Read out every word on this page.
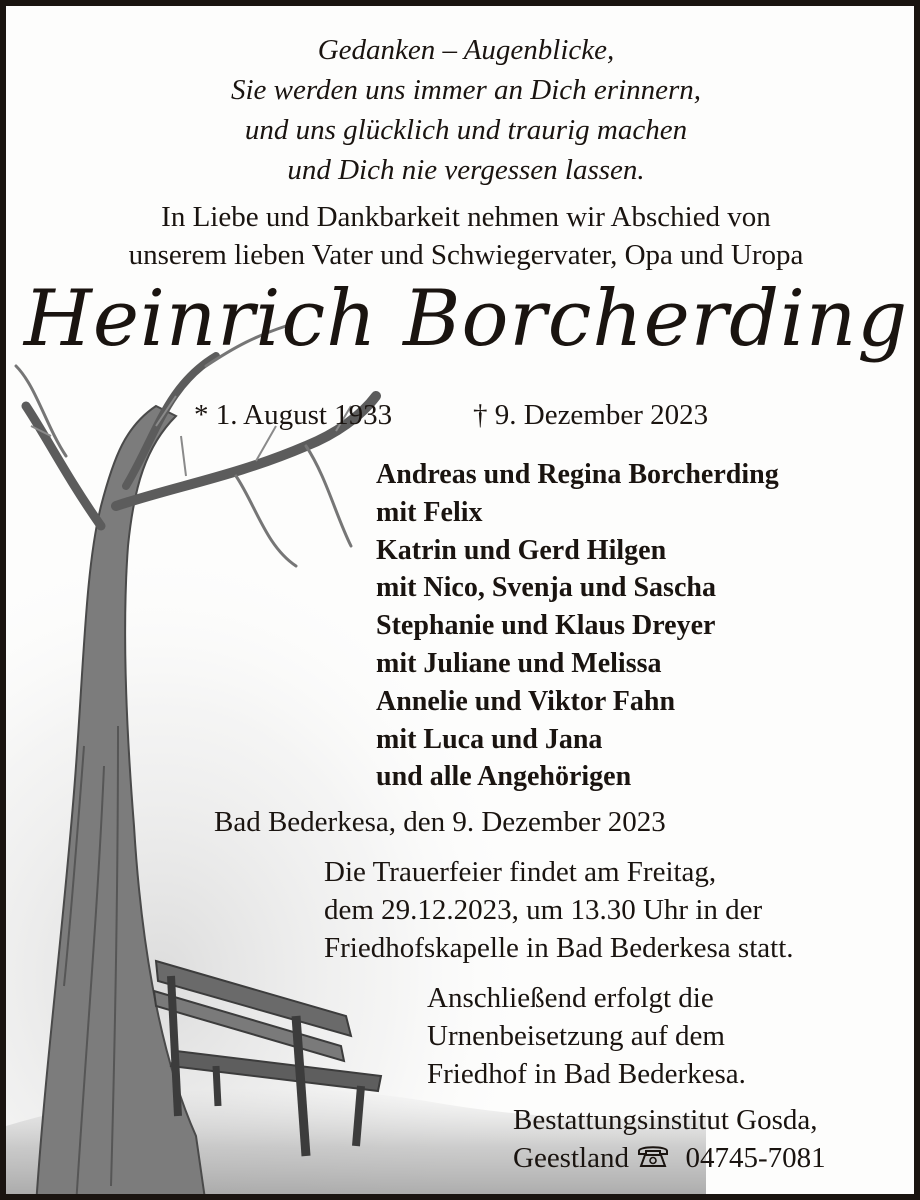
Gedanken – Augenblicke,
Sie werden uns immer an Dich erinnern,
und uns glücklich und traurig machen
und Dich nie vergessen lassen.
In Liebe und Dankbarkeit nehmen wir Abschied von
unserem lieben Vater und Schwiegervater, Opa und Uropa
Heinrich Borcherding
* 1. August 1933	† 9. Dezember 2023
Andreas und Regina Borcherding
mit Felix
Katrin und Gerd Hilgen
mit Nico, Svenja und Sascha
Stephanie und Klaus Dreyer
mit Juliane und Melissa
Annelie und Viktor Fahn
mit Luca und Jana
und alle Angehörigen
Bad Bederkesa, den 9. Dezember 2023
Die Trauerfeier findet am Freitag,
dem 29.12.2023, um 13.30 Uhr in der
Friedhofskapelle in Bad Bederkesa statt.
Anschließend erfolgt die
Urnenbeisetzung auf dem
Friedhof in Bad Bederkesa.
Bestattungsinstitut Gosda,
Geestland 04745-7081
